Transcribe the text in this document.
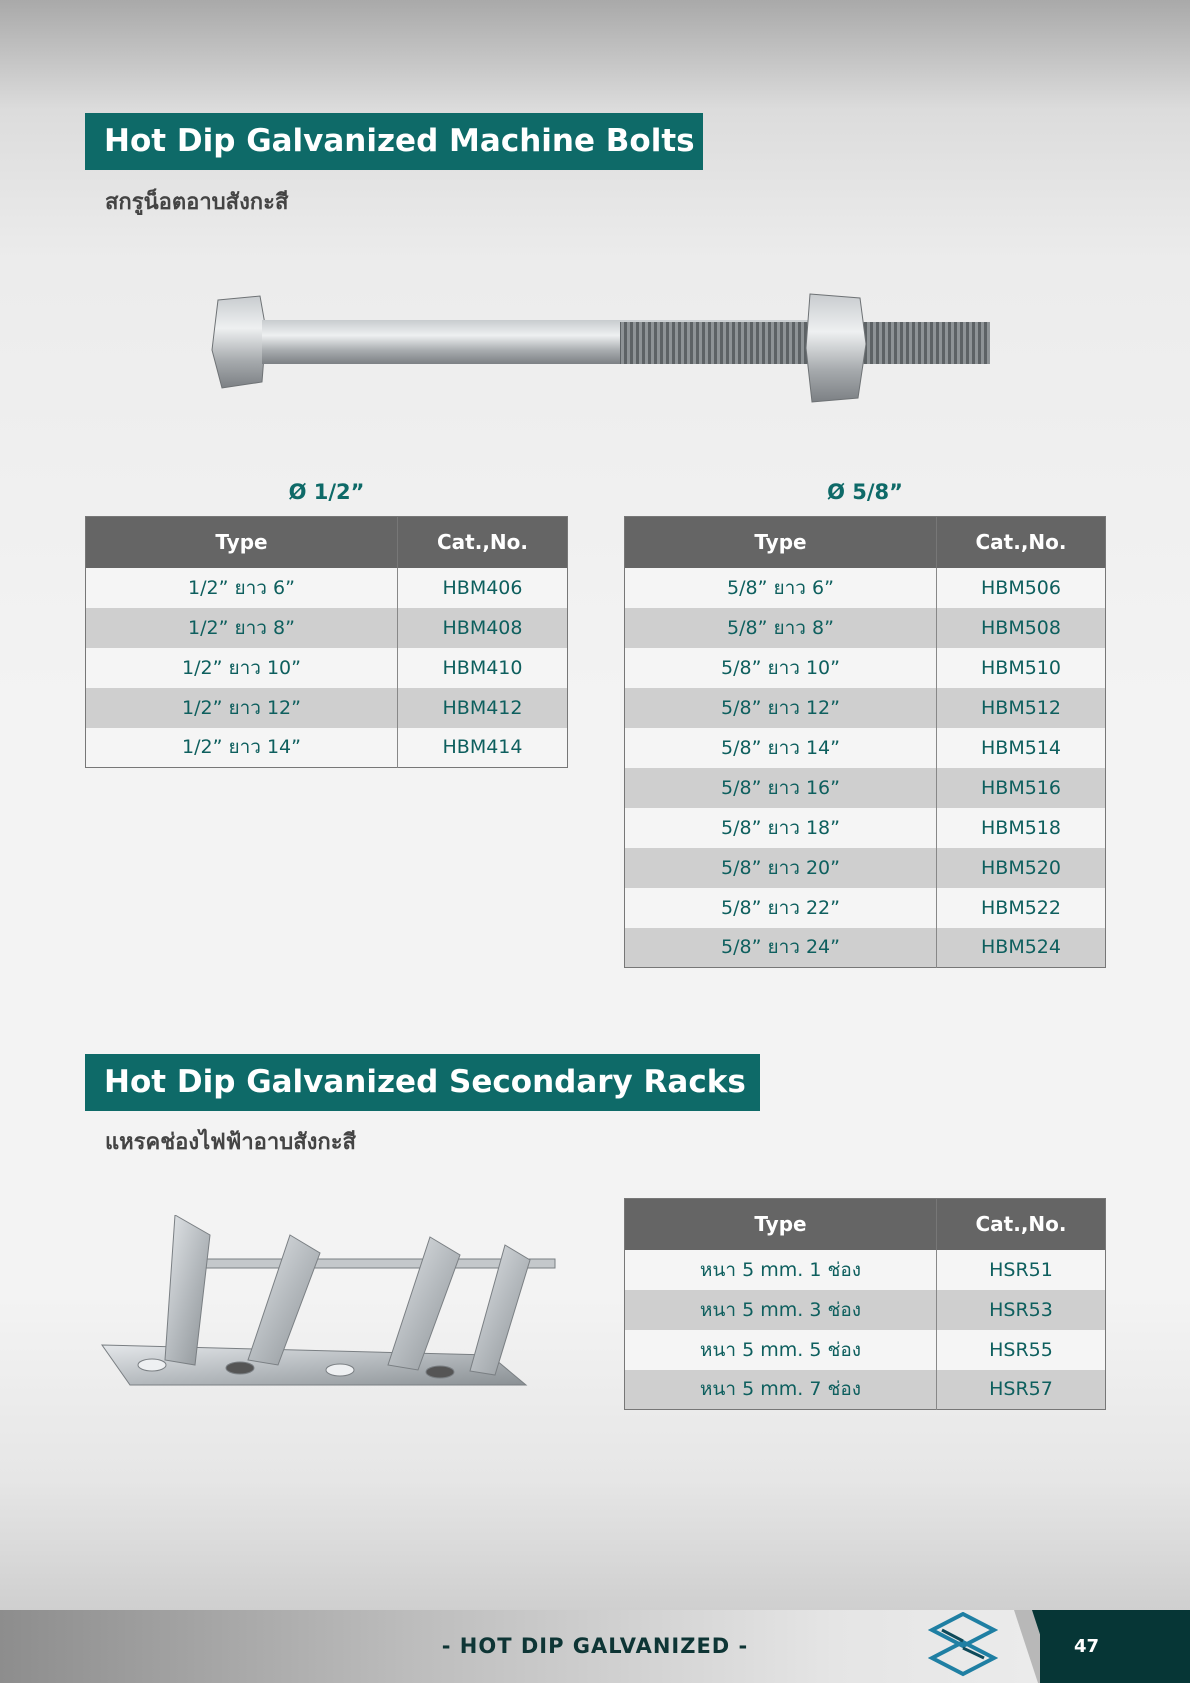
Hot Dip Galvanized Machine Bolts
สกรูน็อตอาบสังกะสี
Ø 1/2”	Ø 5/8”
Type	Cat.,No.
1/2” ยาว 6”	HBM406
1/2” ยาว 8”	HBM408
1/2” ยาว 10”	HBM410
1/2” ยาว 12”	HBM412
1/2” ยาว 14”	HBM414
Type	Cat.,No.
5/8” ยาว 6”	HBM506
5/8” ยาว 8”	HBM508
5/8” ยาว 10”	HBM510
5/8” ยาว 12”	HBM512
5/8” ยาว 14”	HBM514
5/8” ยาว 16”	HBM516
5/8” ยาว 18”	HBM518
5/8” ยาว 20”	HBM520
5/8” ยาว 22”	HBM522
5/8” ยาว 24”	HBM524
Hot Dip Galvanized Secondary Racks
แหรคช่องไฟฟ้าอาบสังกะสี
Type	Cat.,No.
หนา 5 mm. 1 ช่อง	HSR51
หนา 5 mm. 3 ช่อง	HSR53
หนา 5 mm. 5 ช่อง	HSR55
หนา 5 mm. 7 ช่อง	HSR57
- HOT DIP GALVANIZED -	47
